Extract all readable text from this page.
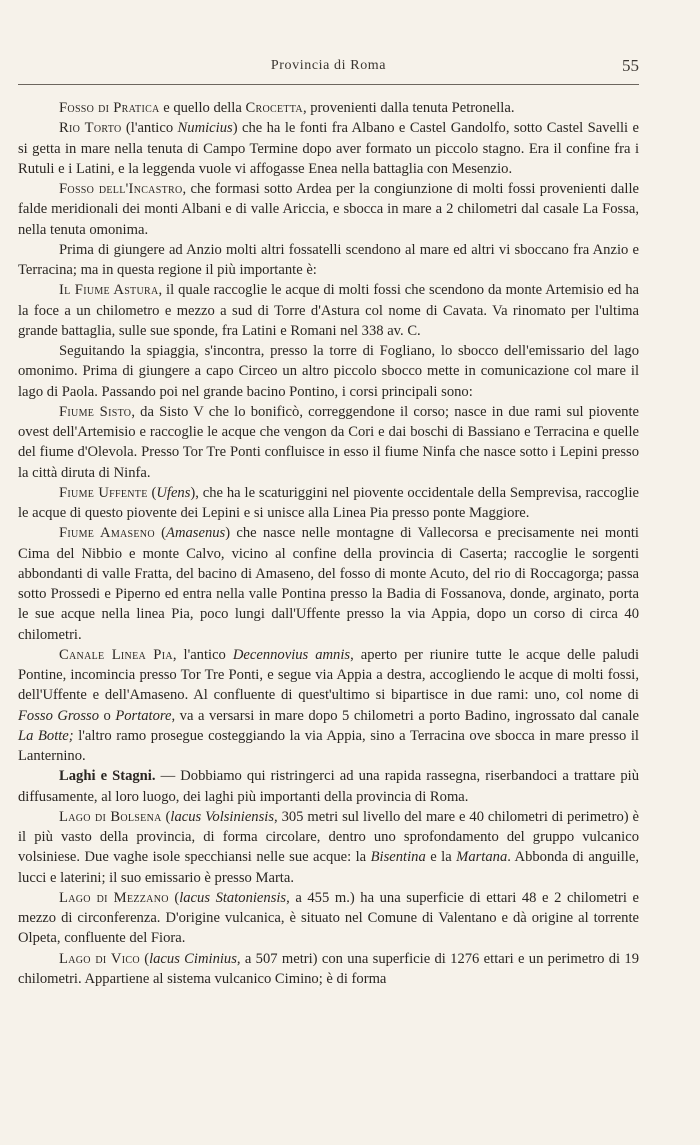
Provincia di Roma	55

Fosso di Pratica e quello della Crocetta, provenienti dalla tenuta Petronella.

Rio Torto (l'antico Numicius) che ha le fonti fra Albano e Castel Gandolfo, sotto Castel Savelli e si getta in mare nella tenuta di Campo Termine dopo aver formato un piccolo stagno. Era il confine fra i Rutuli e i Latini, e la leggenda vuole vi affogasse Enea nella battaglia con Mesenzio.

Fosso dell'Incastro, che formasi sotto Ardea per la congiunzione di molti fossi provenienti dalle falde meridionali dei monti Albani e di valle Ariccia, e sbocca in mare a 2 chilometri dal casale La Fossa, nella tenuta omonima.

Prima di giungere ad Anzio molti altri fossatelli scendono al mare ed altri vi sboccano fra Anzio e Terracina; ma in questa regione il più importante è:

Il Fiume Astura, il quale raccoglie le acque di molti fossi che scendono da monte Artemisio ed ha la foce a un chilometro e mezzo a sud di Torre d'Astura col nome di Cavata. Va rinomato per l'ultima grande battaglia, sulle sue sponde, fra Latini e Romani nel 338 av. C.

Seguitando la spiaggia, s'incontra, presso la torre di Fogliano, lo sbocco dell'emissario del lago omonimo. Prima di giungere a capo Circeo un altro piccolo sbocco mette in comunicazione col mare il lago di Paola. Passando poi nel grande bacino Pontino, i corsi principali sono:

Fiume Sisto, da Sisto V che lo bonificò, correggendone il corso; nasce in due rami sul piovente ovest dell'Artemisio e raccoglie le acque che vengon da Cori e dai boschi di Bassiano e Terracina e quelle del fiume d'Olevola. Presso Tor Tre Ponti confluisce in esso il fiume Ninfa che nasce sotto i Lepini presso la città diruta di Ninfa.

Fiume Uffente (Ufens), che ha le scaturiggini nel piovente occidentale della Semprevisa, raccoglie le acque di questo piovente dei Lepini e si unisce alla Linea Pia presso ponte Maggiore.

Fiume Amaseno (Amasenus) che nasce nelle montagne di Vallecorsa e precisamente nei monti Cima del Nibbio e monte Calvo, vicino al confine della provincia di Caserta; raccoglie le sorgenti abbondanti di valle Fratta, del bacino di Amaseno, del fosso di monte Acuto, del rio di Roccagorga; passa sotto Prossedi e Piperno ed entra nella valle Pontina presso la Badia di Fossanova, donde, arginato, porta le sue acque nella linea Pia, poco lungi dall'Uffente presso la via Appia, dopo un corso di circa 40 chilometri.

Canale Linea Pia, l'antico Decennovius amnis, aperto per riunire tutte le acque delle paludi Pontine, incomincia presso Tor Tre Ponti, e segue via Appia a destra, accogliendo le acque di molti fossi, dell'Uffente e dell'Amaseno. Al confluente di quest'ultimo si bipartisce in due rami: uno, col nome di Fosso Grosso o Portatore, va a versarsi in mare dopo 5 chilometri a porto Badino, ingrossato dal canale La Botte; l'altro ramo prosegue costeggiando la via Appia, sino a Terracina ove sbocca in mare presso il Lanternino.

Laghi e Stagni. — Dobbiamo qui ristringerci ad una rapida rassegna, riserbandoci a trattare più diffusamente, al loro luogo, dei laghi più importanti della provincia di Roma.

Lago di Bolsena (lacus Volsiniensis, 305 metri sul livello del mare e 40 chilometri di perimetro) è il più vasto della provincia, di forma circolare, dentro uno sprofondamento del gruppo vulcanico volsiniese. Due vaghe isole specchiansi nelle sue acque: la Bisentina e la Martana. Abbonda di anguille, lucci e laterini; il suo emissario è presso Marta.

Lago di Mezzano (lacus Statoniensis, a 455 m.) ha una superficie di ettari 48 e 2 chilometri e mezzo di circonferenza. D'origine vulcanica, è situato nel Comune di Valentano e dà origine al torrente Olpeta, confluente del Fiora.

Lago di Vico (lacus Ciminius, a 507 metri) con una superficie di 1276 ettari e un perimetro di 19 chilometri. Appartiene al sistema vulcanico Cimino; è di forma
